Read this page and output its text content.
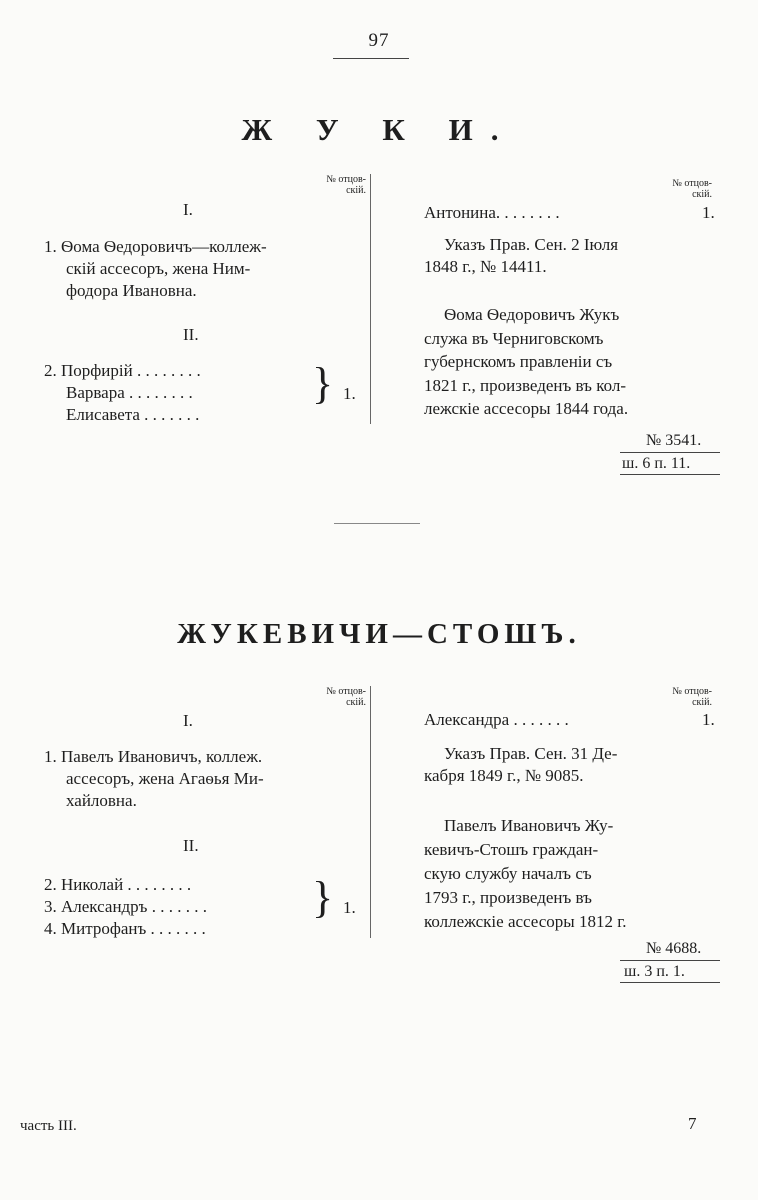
97
Ж У К И.
№ отцов-
скій.
I.
1. Ѳома Ѳедоровичъ—коллеж-
скій ассесоръ, жена Ним-
фодора Ивановна.
II.
2. Порфирій . . . . . . . .
Варвара . . . . . . . .
Елисавета . . . . . . .
} 1.
№ отцов-
скій.
Антонина. . . . . . . .	1.
Указъ Прав. Сен. 2 Іюля
1848 г., № 14411.
Ѳома Ѳедоровичъ Жукъ
служа въ Черниговскомъ
губернскомъ правленіи съ
1821 г., произведенъ въ кол-
лежскіе ассесоры 1844 года.
№ 3541.
ш. 6 п. 11.
ЖУКЕВИЧИ—СТОШЪ.
№ отцов-
скій.
I.
1. Павелъ Ивановичъ, коллеж.
ассесоръ, жена Агаѳья Ми-
хайловна.
II.
2. Николай . . . . . . . .
3. Александръ . . . . . . .
4. Митрофанъ . . . . . . .
} 1.
№ отцов-
скій.
Александра . . . . . . .	1.
Указъ Прав. Сен. 31 Де-
кабря 1849 г., № 9085.
Павелъ Ивановичъ Жу-
кевичъ-Стошъ граждан-
скую службу началъ съ
1793 г., произведенъ въ
коллежскіе ассесоры 1812 г.
№ 4688.
ш. 3 п. 1.
часть III.	7
